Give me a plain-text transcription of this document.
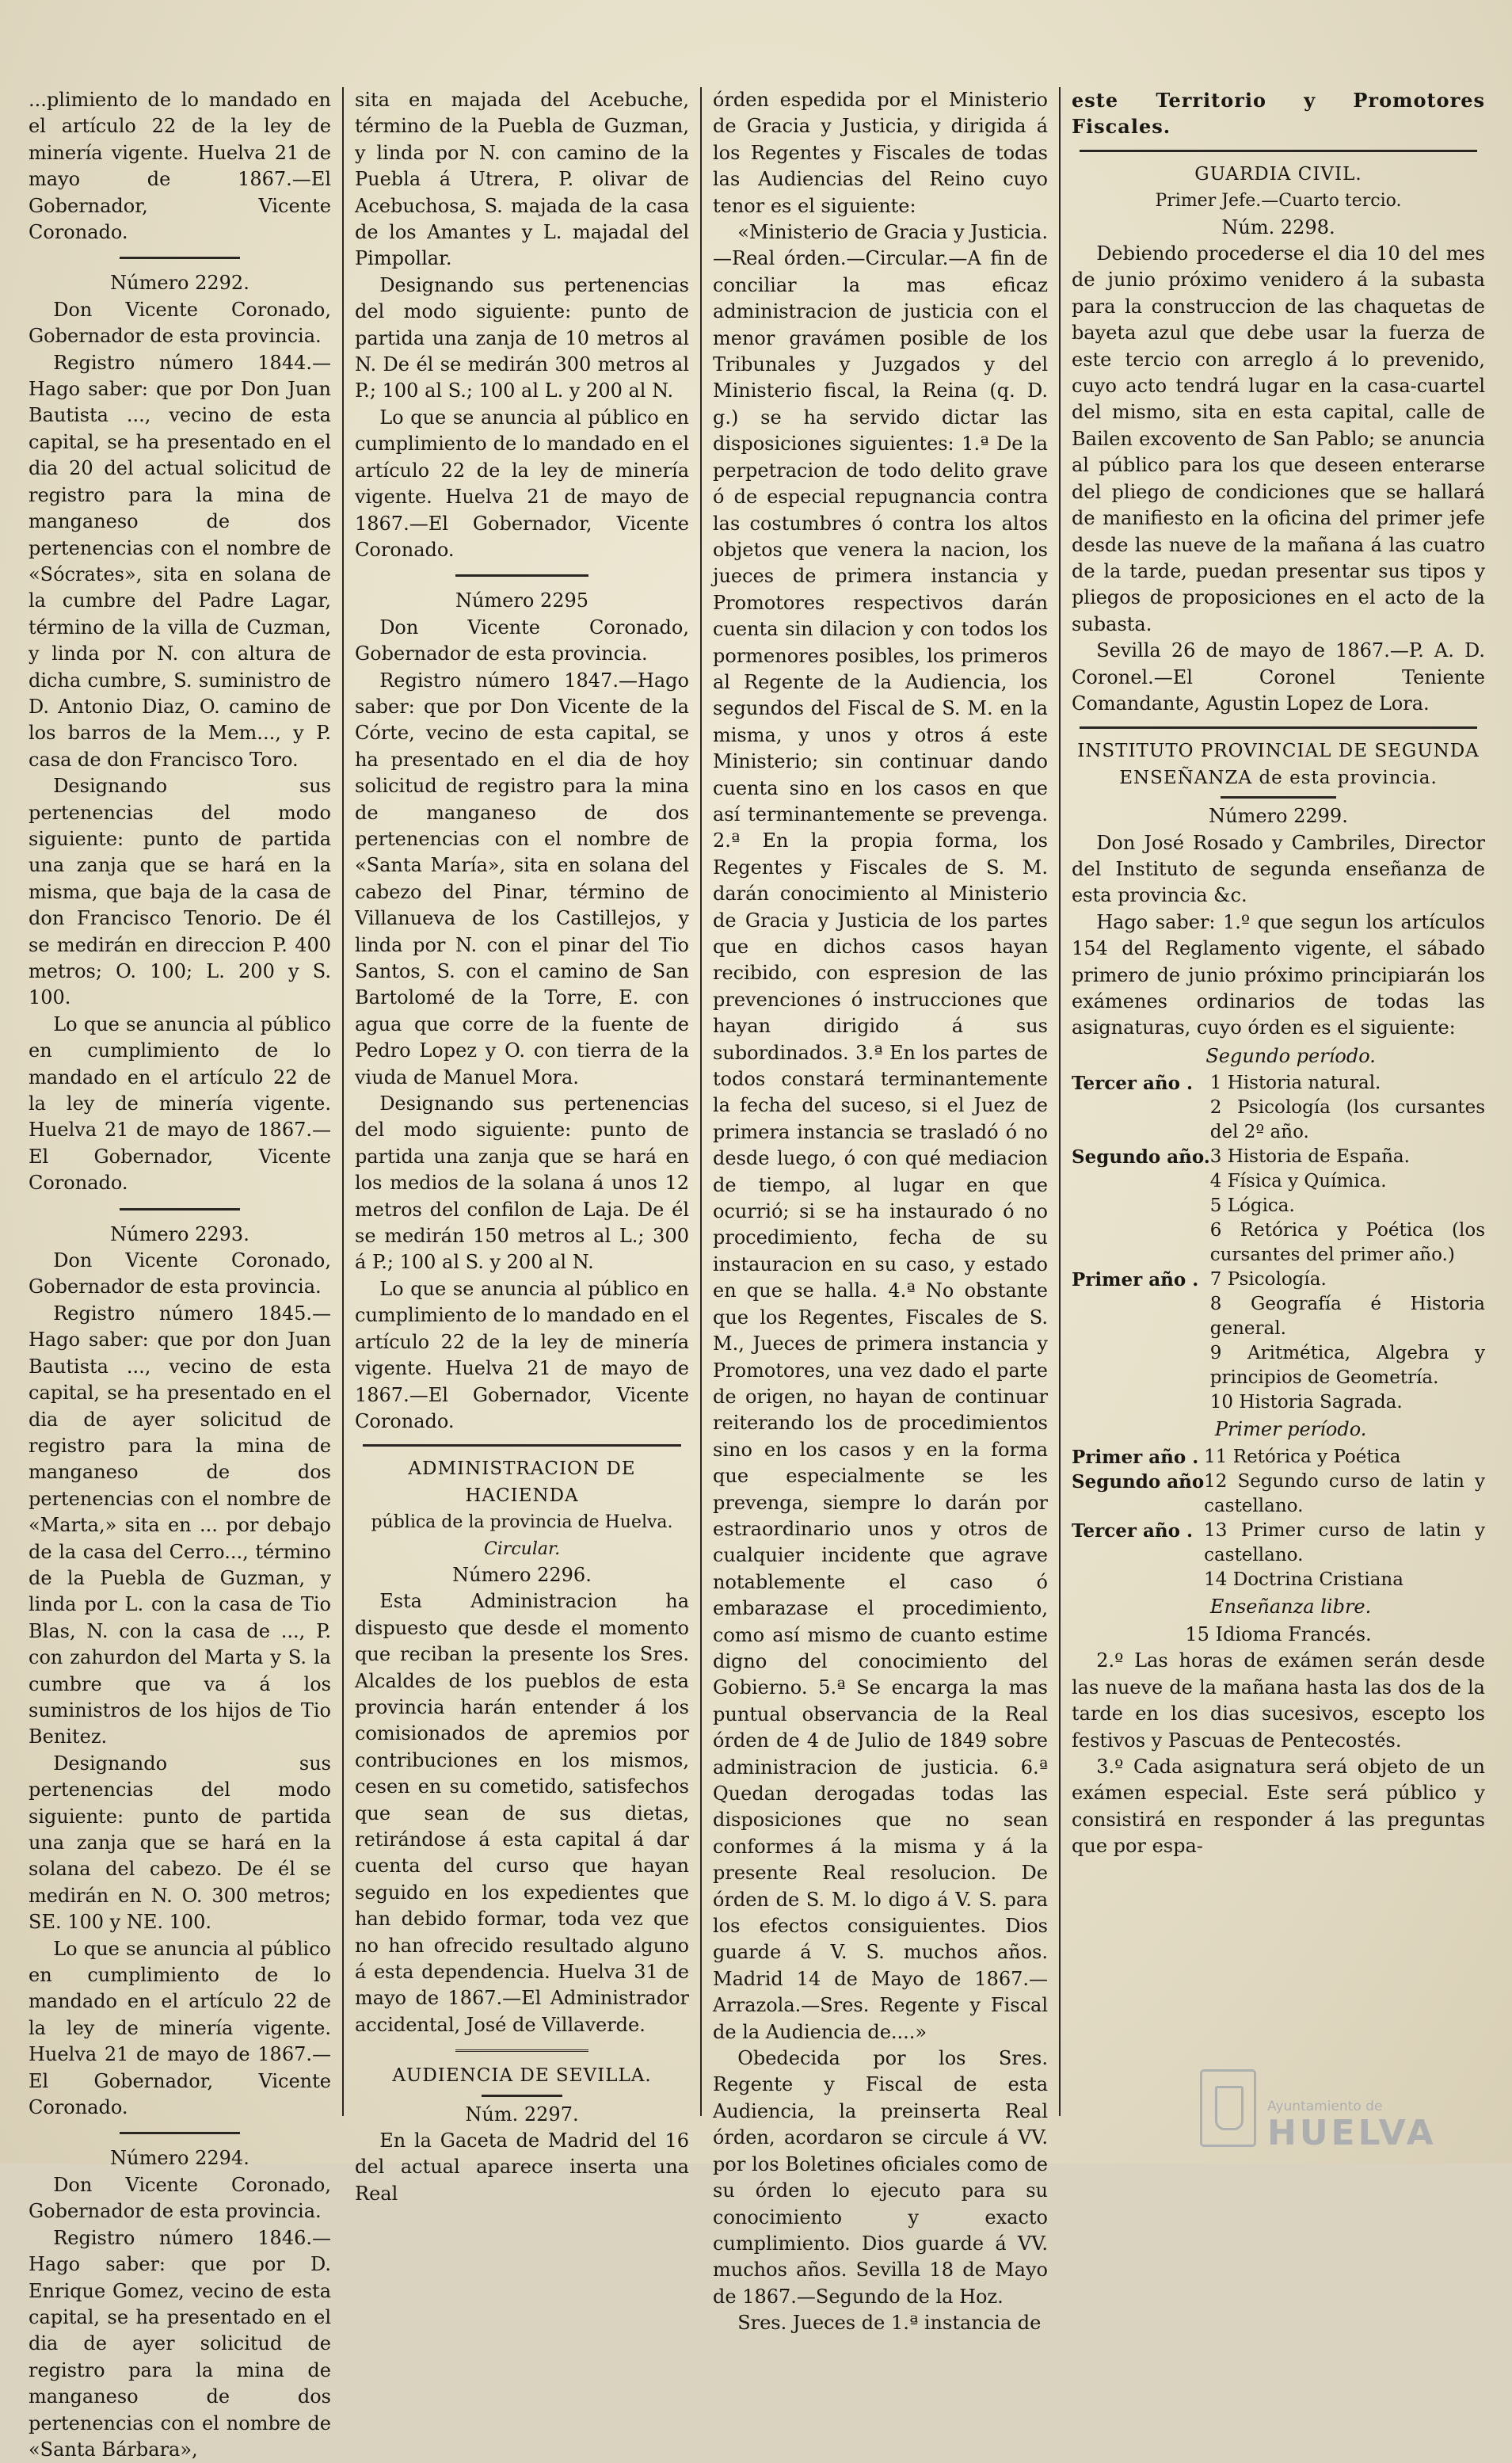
...plimiento de lo mandado en el artículo 22 de la ley de minería vigente. Huelva 21 de mayo de 1867.—El Gobernador, Vicente Coronado.

Número 2292.

Don Vicente Coronado, Gobernador de esta provincia.

Registro número 1844.—Hago saber: que por Don Juan Bautista ..., vecino de esta capital, se ha presentado en el dia 20 del actual solicitud de registro para la mina de manganeso de dos pertenencias con el nombre de «Sócrates», sita en solana de la cumbre del Padre Lagar, término de la villa de Cuzman, y linda por N. con altura de dicha cumbre, S. suministro de D. Antonio Diaz, O. camino de los barros de la Mem..., y P. casa de don Francisco Toro.

Designando sus pertenencias del modo siguiente: punto de partida una zanja que se hará en la misma, que baja de la casa de don Francisco Tenorio. De él se medirán en direccion P. 400 metros; O. 100; L. 200 y S. 100.

Lo que se anuncia al público en cumplimiento de lo mandado en el artículo 22 de la ley de minería vigente. Huelva 21 de mayo de 1867.—El Gobernador, Vicente Coronado.

Número 2293.

Don Vicente Coronado, Gobernador de esta provincia.

Registro número 1845.—Hago saber: que por don Juan Bautista ..., vecino de esta capital, se ha presentado en el dia de ayer solicitud de registro para la mina de manganeso de dos pertenencias con el nombre de «Marta,» sita en ... por debajo de la casa del Cerro..., término de la Puebla de Guzman, y linda por L. con la casa de Tio Blas, N. con la casa de ..., P. con zahurdon del Marta y S. la cumbre que va á los suministros de los hijos de Tio Benitez.

Designando sus pertenencias del modo siguiente: punto de partida una zanja que se hará en la solana del cabezo. De él se medirán en N. O. 300 metros; SE. 100 y NE. 100.

Lo que se anuncia al público en cumplimiento de lo mandado en el artículo 22 de la ley de minería vigente. Huelva 21 de mayo de 1867.—El Gobernador, Vicente Coronado.

Número 2294.

Don Vicente Coronado, Gobernador de esta provincia.

Registro número 1846.—Hago saber: que por D. Enrique Gomez, vecino de esta capital, se ha presentado en el dia de ayer solicitud de registro para la mina de manganeso de dos pertenencias con el nombre de «Santa Bárbara»,

sita en majada del Acebuche, término de la Puebla de Guzman, y linda por N. con camino de la Puebla á Utrera, P. olivar de Acebuchosa, S. majada de la casa de los Amantes y L. majadal del Pimpollar.

Designando sus pertenencias del modo siguiente: punto de partida una zanja de 10 metros al N. De él se medirán 300 metros al P.; 100 al S.; 100 al L. y 200 al N.

Lo que se anuncia al público en cumplimiento de lo mandado en el artículo 22 de la ley de minería vigente. Huelva 21 de mayo de 1867.—El Gobernador, Vicente Coronado.

Número 2295

Don Vicente Coronado, Gobernador de esta provincia.

Registro número 1847.—Hago saber: que por Don Vicente de la Córte, vecino de esta capital, se ha presentado en el dia de hoy solicitud de registro para la mina de manganeso de dos pertenencias con el nombre de «Santa María», sita en solana del cabezo del Pinar, término de Villanueva de los Castillejos, y linda por N. con el pinar del Tio Santos, S. con el camino de San Bartolomé de la Torre, E. con agua que corre de la fuente de Pedro Lopez y O. con tierra de la viuda de Manuel Mora.

Designando sus pertenencias del modo siguiente: punto de partida una zanja que se hará en los medios de la solana á unos 12 metros del confilon de Laja. De él se medirán 150 metros al L.; 300 á P.; 100 al S. y 200 al N.

Lo que se anuncia al público en cumplimiento de lo mandado en el artículo 22 de la ley de minería vigente. Huelva 21 de mayo de 1867.—El Gobernador, Vicente Coronado.

ADMINISTRACION DE HACIENDA

pública de la provincia de Huelva.

Circular.

Número 2296.

Esta Administracion ha dispuesto que desde el momento que reciban la presente los Sres. Alcaldes de los pueblos de esta provincia harán entender á los comisionados de apremios por contribuciones en los mismos, cesen en su cometido, satisfechos que sean de sus dietas, retirándose á esta capital á dar cuenta del curso que hayan seguido en los expedientes que han debido formar, toda vez que no han ofrecido resultado alguno á esta dependencia. Huelva 31 de mayo de 1867.—El Administrador accidental, José de Villaverde.

AUDIENCIA DE SEVILLA.

Núm. 2297.

En la Gaceta de Madrid del 16 del actual aparece inserta una Real

órden espedida por el Ministerio de Gracia y Justicia, y dirigida á los Regentes y Fiscales de todas las Audiencias del Reino cuyo tenor es el siguiente:

«Ministerio de Gracia y Justicia.—Real órden.—Circular.—A fin de conciliar la mas eficaz administracion de justicia con el menor gravámen posible de los Tribunales y Juzgados y del Ministerio fiscal, la Reina (q. D. g.) se ha servido dictar las disposiciones siguientes: 1.ª De la perpetracion de todo delito grave ó de especial repugnancia contra las costumbres ó contra los altos objetos que venera la nacion, los jueces de primera instancia y Promotores respectivos darán cuenta sin dilacion y con todos los pormenores posibles, los primeros al Regente de la Audiencia, los segundos del Fiscal de S. M. en la misma, y unos y otros á este Ministerio; sin continuar dando cuenta sino en los casos en que así terminantemente se prevenga. 2.ª En la propia forma, los Regentes y Fiscales de S. M. darán conocimiento al Ministerio de Gracia y Justicia de los partes que en dichos casos hayan recibido, con espresion de las prevenciones ó instrucciones que hayan dirigido á sus subordinados. 3.ª En los partes de todos constará terminantemente la fecha del suceso, si el Juez de primera instancia se trasladó ó no desde luego, ó con qué mediacion de tiempo, al lugar en que ocurrió; si se ha instaurado ó no procedimiento, fecha de su instauracion en su caso, y estado en que se halla. 4.ª No obstante que los Regentes, Fiscales de S. M., Jueces de primera instancia y Promotores, una vez dado el parte de origen, no hayan de continuar reiterando los de procedimientos sino en los casos y en la forma que especialmente se les prevenga, siempre lo darán por estraordinario unos y otros de cualquier incidente que agrave notablemente el caso ó embarazase el procedimiento, como así mismo de cuanto estime digno del conocimiento del Gobierno. 5.ª Se encarga la mas puntual observancia de la Real órden de 4 de Julio de 1849 sobre administracion de justicia. 6.ª Quedan derogadas todas las disposiciones que no sean conformes á la misma y á la presente Real resolucion. De órden de S. M. lo digo á V. S. para los efectos consiguientes. Dios guarde á V. S. muchos años. Madrid 14 de Mayo de 1867.—Arrazola.—Sres. Regente y Fiscal de la Audiencia de....»

Obedecida por los Sres. Regente y Fiscal de esta Audiencia, la preinserta Real órden, acordaron se circule á VV. por los Boletines oficiales como de su órden lo ejecuto para su conocimiento y exacto cumplimiento. Dios guarde á VV. muchos años. Sevilla 18 de Mayo de 1867.—Segundo de la Hoz.

Sres. Jueces de 1.ª instancia de

este Territorio y Promotores Fiscales.

GUARDIA CIVIL.

Primer Jefe.—Cuarto tercio.

Núm. 2298.

Debiendo procederse el dia 10 del mes de junio próximo venidero á la subasta para la construccion de las chaquetas de bayeta azul que debe usar la fuerza de este tercio con arreglo á lo prevenido, cuyo acto tendrá lugar en la casa-cuartel del mismo, sita en esta capital, calle de Bailen excovento de San Pablo; se anuncia al público para los que deseen enterarse del pliego de condiciones que se hallará de manifiesto en la oficina del primer jefe desde las nueve de la mañana á las cuatro de la tarde, puedan presentar sus tipos y pliegos de proposiciones en el acto de la subasta.

Sevilla 26 de mayo de 1867.—P. A. D. Coronel.—El Coronel Teniente Comandante, Agustin Lopez de Lora.

INSTITUTO PROVINCIAL DE SEGUNDA ENSEÑANZA de esta provincia.

Número 2299.

Don José Rosado y Cambriles, Director del Instituto de segunda enseñanza de esta provincia &c.

Hago saber: 1.º que segun los artículos 154 del Reglamento vigente, el sábado primero de junio próximo principiarán los exámenes ordinarios de todas las asignaturas, cuyo órden es el siguiente:

Segundo período.

Tercer año .	1 Historia natural.
2 Psicología (los cursantes del 2º año.

Segundo año.	3 Historia de España.
4 Física y Química.
5 Lógica.
6 Retórica y Poética (los cursantes del primer año.)

Primer año .	7 Psicología.
8 Geografía é Historia general.
9 Aritmética, Algebra y principios de Geometría.
10 Historia Sagrada.

Primer período.

Primer año .	11 Retórica y Poética

Segundo año	12 Segundo curso de latin y castellano.

Tercer año .	13 Primer curso de latin y castellano.
14 Doctrina Cristiana

Enseñanza libre.

15 Idioma Francés.

2.º Las horas de exámen serán desde las nueve de la mañana hasta las dos de la tarde en los dias sucesivos, escepto los festivos y Pascuas de Pentecostés.

3.º Cada asignatura será objeto de un exámen especial. Este será público y consistirá en responder á las preguntas que por espa-

Ayuntamiento de
HUELVA
